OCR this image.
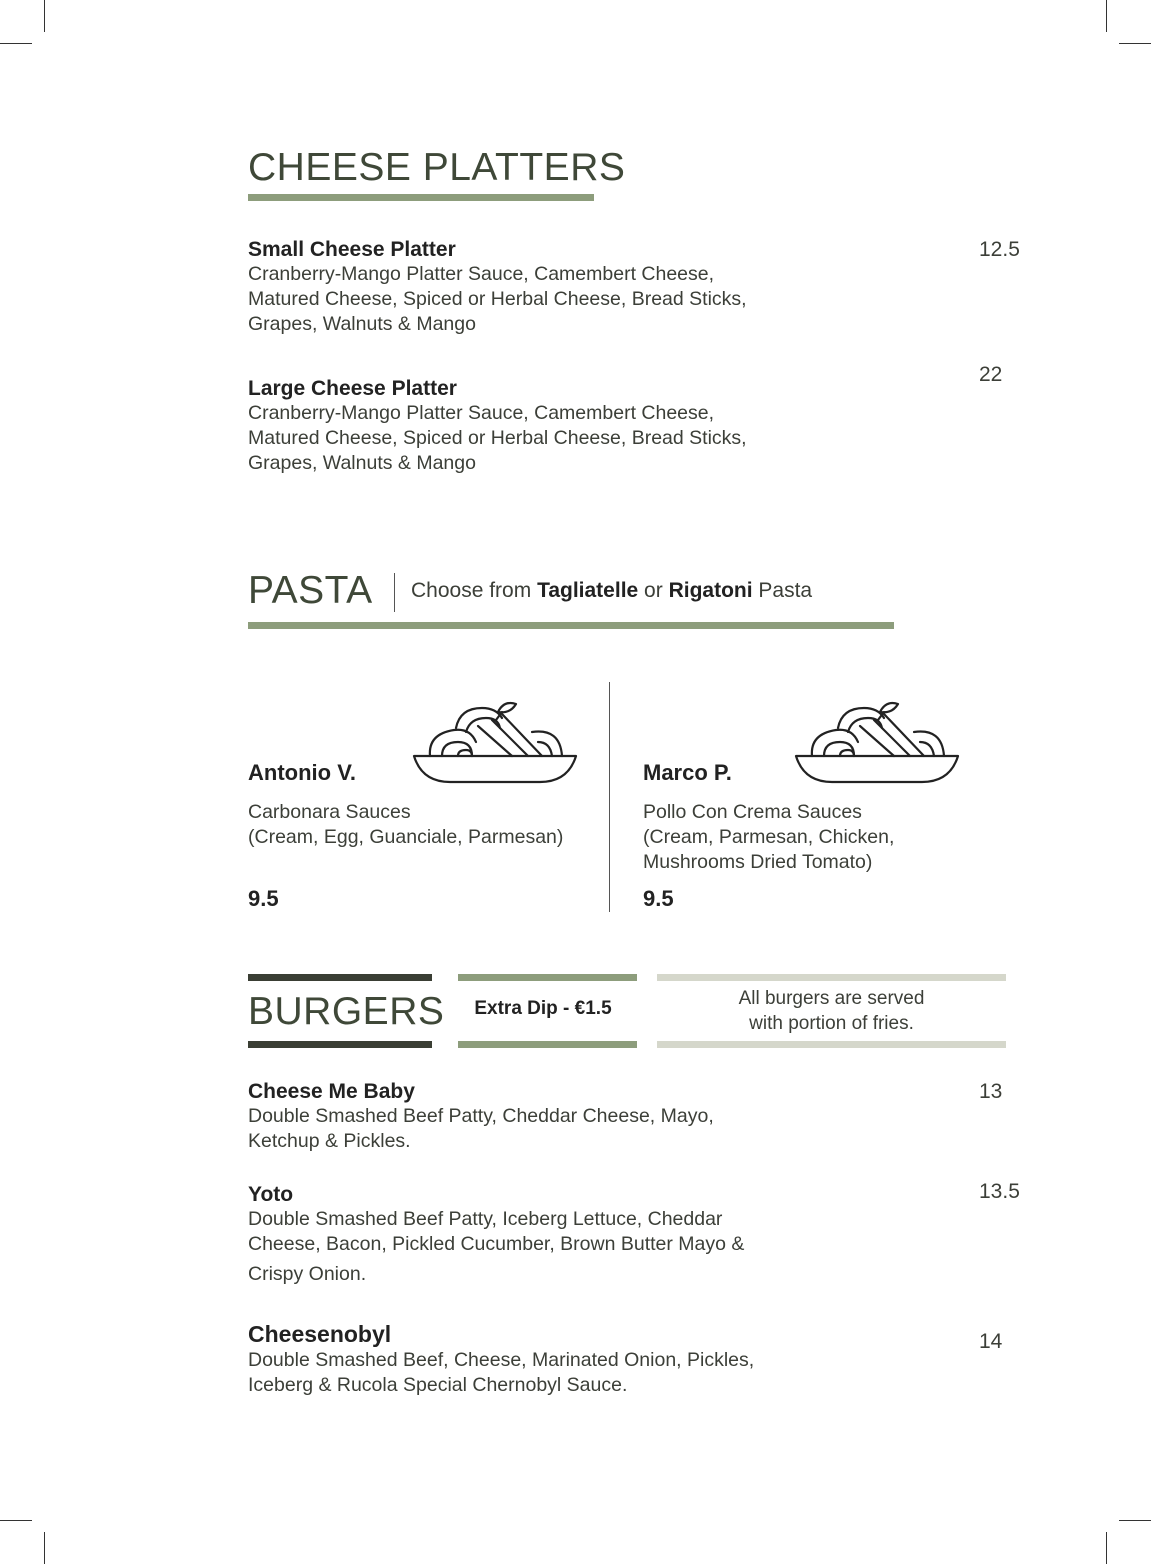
CHEESE PLATTERS
Small Cheese Platter
Cranberry-Mango Platter Sauce, Camembert Cheese,
Matured Cheese, Spiced or Herbal Cheese, Bread Sticks,
Grapes, Walnuts & Mango
12.5
Large Cheese Platter
Cranberry-Mango Platter Sauce, Camembert Cheese,
Matured Cheese, Spiced or Herbal Cheese, Bread Sticks,
Grapes, Walnuts & Mango
22
PASTA Choose from Tagliatelle or Rigatoni Pasta
Antonio V.
Carbonara Sauces
(Cream, Egg, Guanciale, Parmesan)
9.5
Marco P.
Pollo Con Crema Sauces
(Cream, Parmesan, Chicken,
Mushrooms Dried Tomato)
9.5
BURGERS	Extra Dip - €1.5	All burgers are served
with portion of fries.
Cheese Me Baby
Double Smashed Beef Patty, Cheddar Cheese, Mayo,
Ketchup & Pickles.
13
Yoto
Double Smashed Beef Patty, Iceberg Lettuce, Cheddar
Cheese, Bacon, Pickled Cucumber, Brown Butter Mayo &
Crispy Onion.
13.5
Cheesenobyl
Double Smashed Beef, Cheese, Marinated Onion, Pickles,
Iceberg & Rucola Special Chernobyl Sauce.
14
